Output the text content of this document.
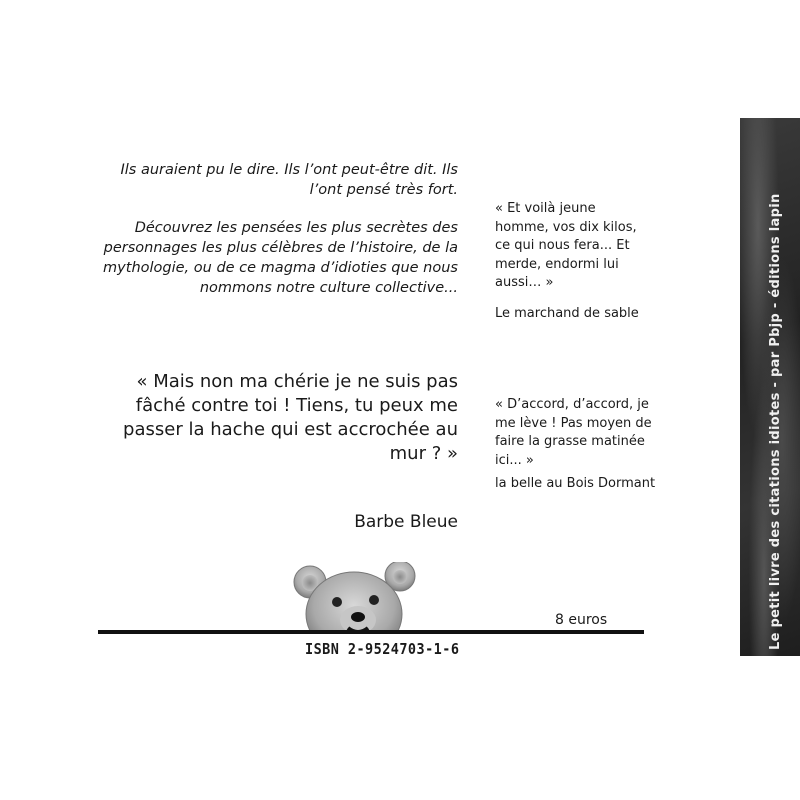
Ils auraient pu le dire. Ils l’ont peut-être dit. Ils l’ont pensé très fort.

Découvrez les pensées les plus secrètes des personnages les plus célèbres de l’histoire, de la mythologie, ou de ce magma d’idioties que nous nommons notre culture collective...

« Et voilà jeune homme, vos dix kilos, ce qui nous fera... Et merde, endormi lui aussi… »
Le marchand de sable
« Mais non ma chérie je ne suis pas fâché contre toi ! Tiens, tu peux me passer la hache qui est accrochée au mur ? »
Barbe Bleue
« D’accord, d’accord, je me lève ! Pas moyen de faire la grasse matinée ici... »
la belle au Bois Dormant
8 euros
ISBN 2-9524703-1-6	Le petit livre des citations idiotes - par Pbjp - éditions lapin
